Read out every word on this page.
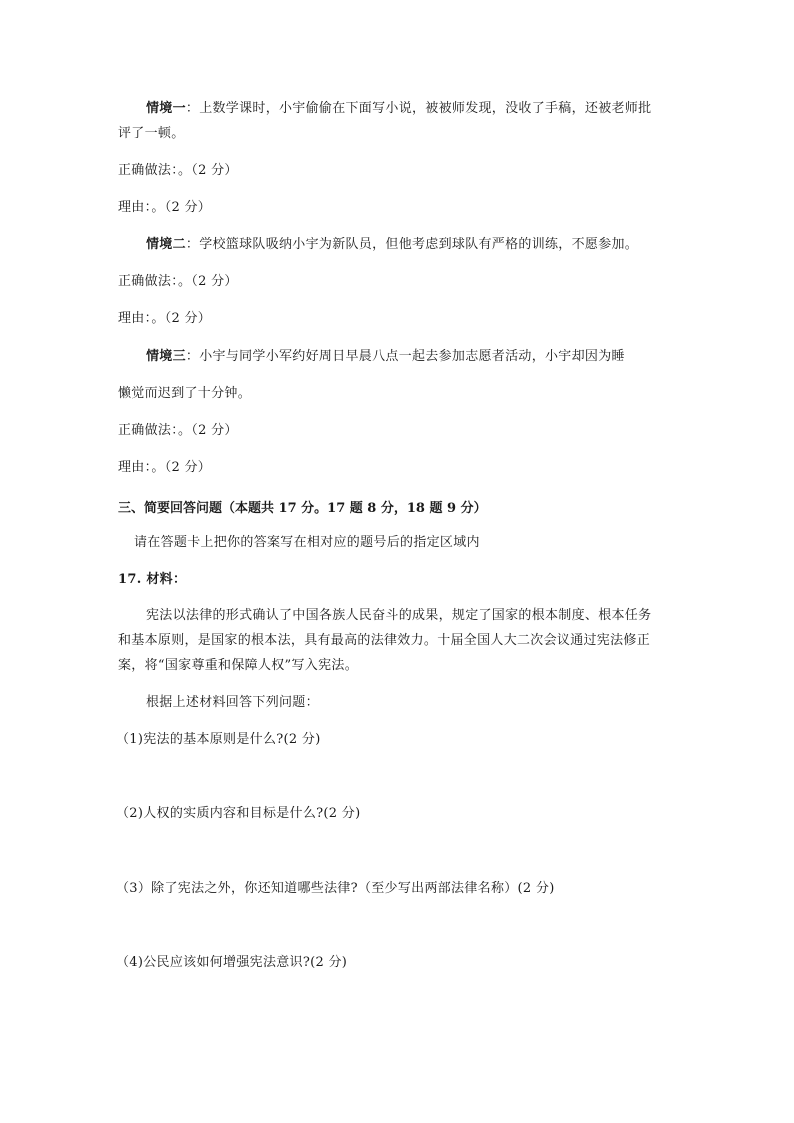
情境一：上数学课时，小宇偷偷在下面写小说，被被师发现，没收了手稿，还被老师批
评了一顿。
正确做法：。（2 分）
理由：。（2 分）
情境二：学校篮球队吸纳小宇为新队员，但他考虑到球队有严格的训练，不愿参加。
正确做法：。（2 分）
理由：。（2 分）
情境三：小宇与同学小军约好周日早晨八点一起去参加志愿者活动，小宇却因为睡
懒觉而迟到了十分钟。
正确做法：。（2 分）
理由：。（2 分）
三、简要回答问题（本题共 17 分。17 题 8 分，18 题 9 分）
请在答题卡上把你的答案写在相对应的题号后的指定区域内
17. 材料：
宪法以法律的形式确认了中国各族人民奋斗的成果，规定了国家的根本制度、根本任务
和基本原则，是国家的根本法，具有最高的法律效力。十届全国人大二次会议通过宪法修正
案，将“国家尊重和保障人权”写入宪法。
根据上述材料回答下列问题：
（1)宪法的基本原则是什么?(2 分)
（2)人权的实质内容和目标是什么?(2 分)
（3）除了宪法之外，你还知道哪些法律?（至少写出两部法律名称）(2 分)
（4)公民应该如何增强宪法意识?(2 分)
